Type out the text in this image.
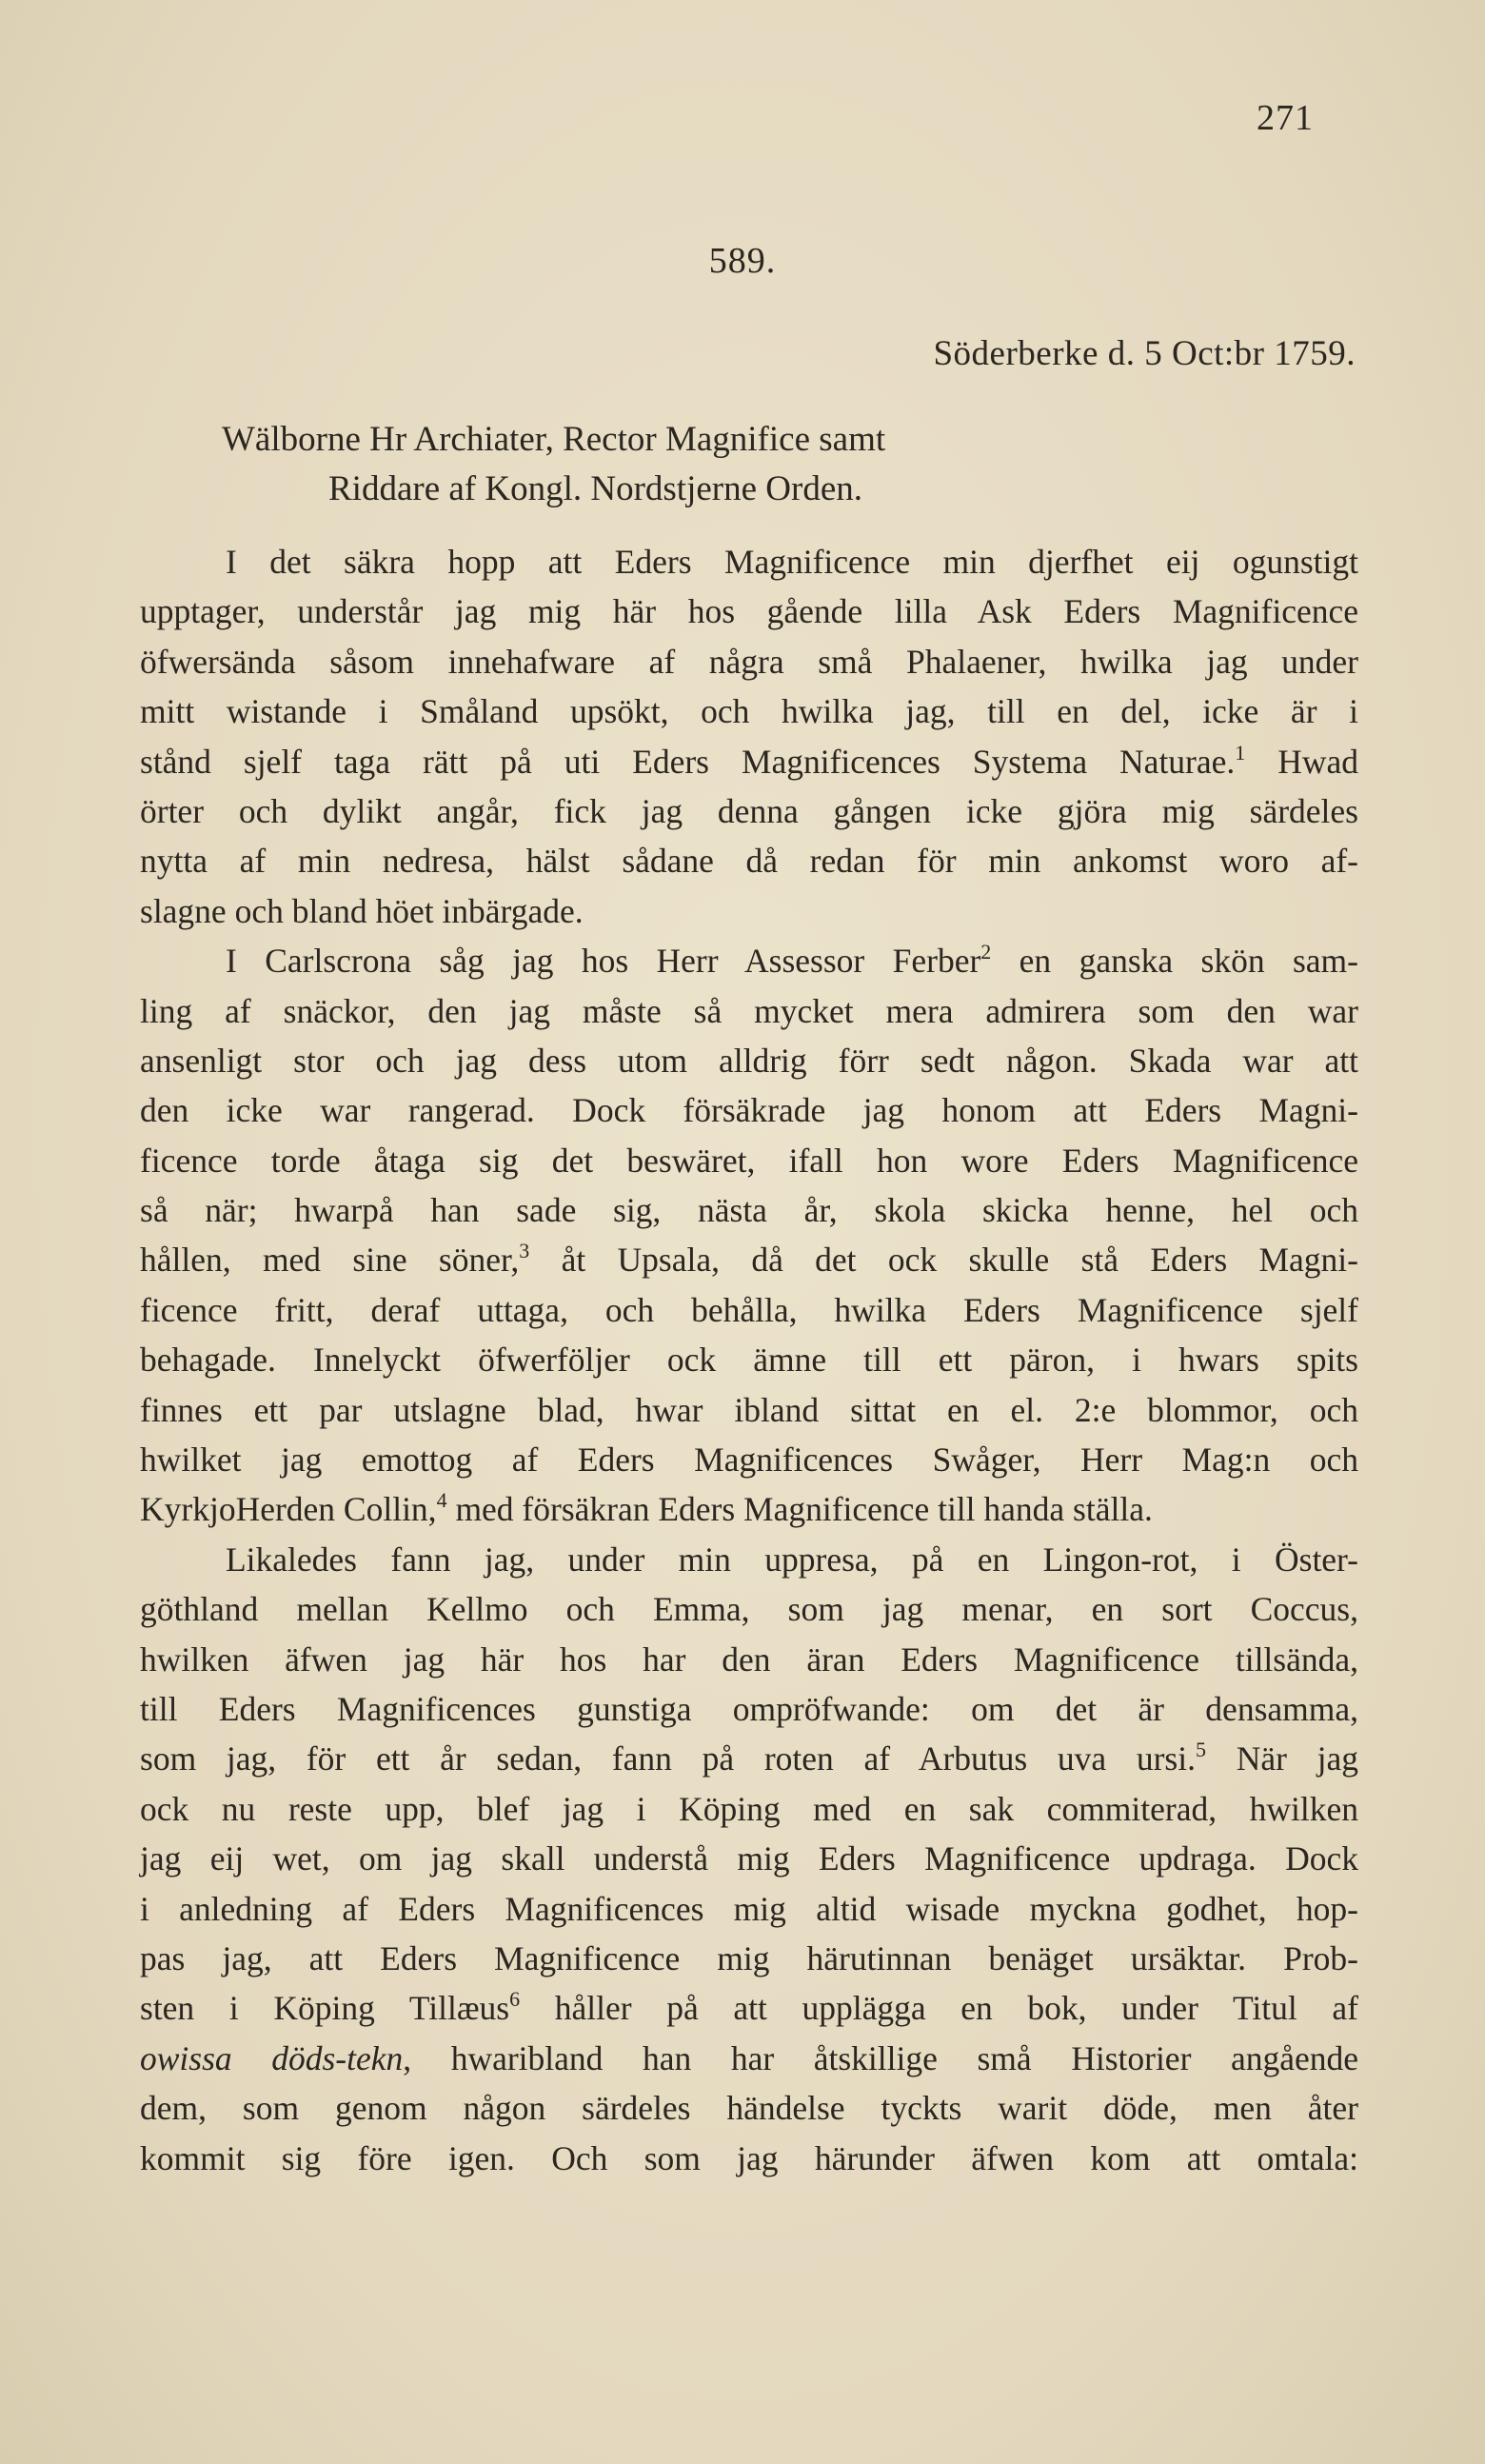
271
589.
Söderberke d. 5 Oct:br 1759.
Wälborne Hr Archiater, Rector Magnifice samt
Riddare af Kongl. Nordstjerne Orden.
I det säkra hopp att Eders Magnificence min djerfhet eij ogunstigt
upptager, understår jag mig här hos gående lilla Ask Eders Magnificence
öfwersända såsom innehafware af några små Phalaener, hwilka jag under
mitt wistande i Småland upsökt, och hwilka jag, till en del, icke är i
stånd sjelf taga rätt på uti Eders Magnificences Systema Naturae.$^1$ Hwad
örter och dylikt angår, fick jag denna gången icke gjöra mig särdeles
nytta af min nedresa, hälst sådane då redan för min ankomst woro af-
slagne och bland höet inbärgade.
I Carlscrona såg jag hos Herr Assessor Ferber$^2$ en ganska skön sam-
ling af snäckor, den jag måste så mycket mera admirera som den war
ansenligt stor och jag dess utom alldrig förr sedt någon. Skada war att
den icke war rangerad. Dock försäkrade jag honom att Eders Magni-
ficence torde åtaga sig det beswäret, ifall hon wore Eders Magnificence
så när; hwarpå han sade sig, nästa år, skola skicka henne, hel och
hållen, med sine söner,$^3$ åt Upsala, då det ock skulle stå Eders Magni-
ficence fritt, deraf uttaga, och behålla, hwilka Eders Magnificence sjelf
behagade. Innelyckt öfwerföljer ock ämne till ett päron, i hwars spits
finnes ett par utslagne blad, hwar ibland sittat en el. 2:e blommor, och
hwilket jag emottog af Eders Magnificences Swåger, Herr Mag:n och
KyrkjoHerden Collin,$^4$ med försäkran Eders Magnificence till handa ställa.
Likaledes fann jag, under min uppresa, på en Lingon-rot, i Öster-
göthland mellan Kellmo och Emma, som jag menar, en sort Coccus,
hwilken äfwen jag här hos har den äran Eders Magnificence tillsända,
till Eders Magnificences gunstiga ompröfwande: om det är densamma,
som jag, för ett år sedan, fann på roten af Arbutus uva ursi.$^5$ När jag
ock nu reste upp, blef jag i Köping med en sak commiterad, hwilken
jag eij wet, om jag skall understå mig Eders Magnificence updraga. Dock
i anledning af Eders Magnificences mig altid wisade myckna godhet, hop-
pas jag, att Eders Magnificence mig härutinnan benäget ursäktar. Prob-
sten i Köping Tillæus$^6$ håller på att upplägga en bok, under Titul af
owissa döds-tekn, hwaribland han har åtskillige små Historier angående
dem, som genom någon särdeles händelse tyckts warit döde, men åter
kommit sig före igen. Och som jag härunder äfwen kom att omtala:
